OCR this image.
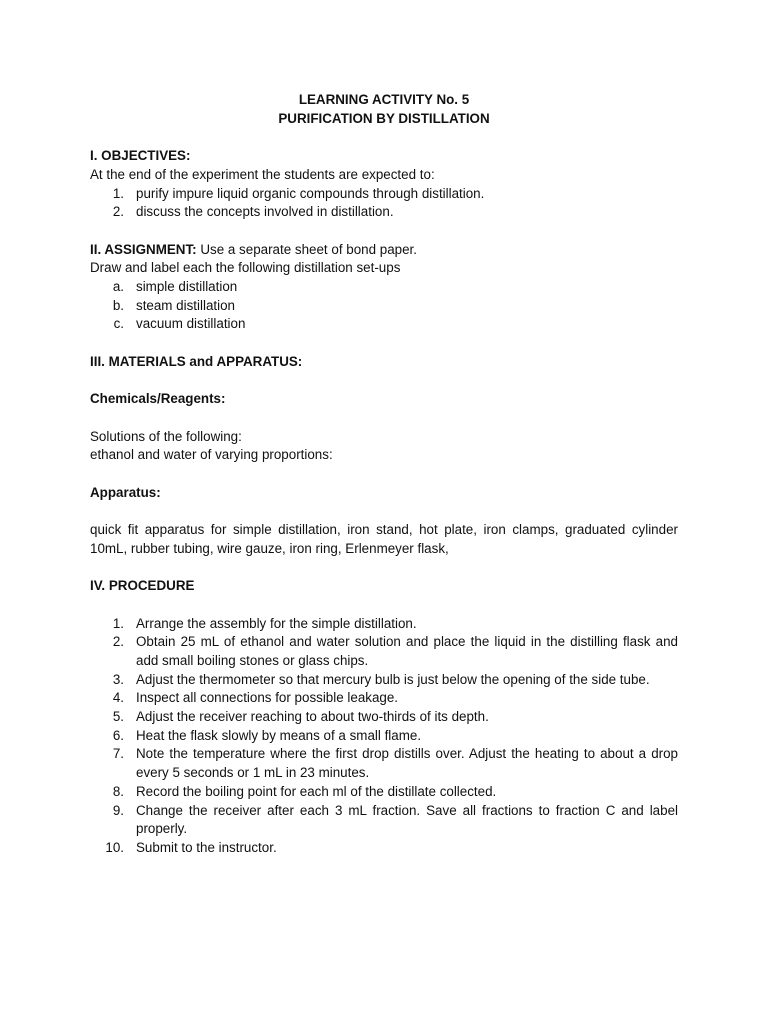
LEARNING ACTIVITY No. 5
PURIFICATION BY DISTILLATION
I. OBJECTIVES:
At the end of the experiment the students are expected to:
1. purify impure liquid organic compounds through distillation.
2. discuss the concepts involved in distillation.
II. ASSIGNMENT: Use a separate sheet of bond paper.
Draw and label each the following distillation set-ups
a. simple distillation
b. steam distillation
c. vacuum distillation
III. MATERIALS and APPARATUS:
Chemicals/Reagents:
Solutions of the following:
ethanol and water of varying proportions:
Apparatus:
quick fit apparatus for simple distillation, iron stand, hot plate, iron clamps, graduated cylinder 10mL, rubber tubing, wire gauze, iron ring, Erlenmeyer flask,
IV. PROCEDURE
1. Arrange the assembly for the simple distillation.
2. Obtain 25 mL of ethanol and water solution and place the liquid in the distilling flask and add small boiling stones or glass chips.
3. Adjust the thermometer so that mercury bulb is just below the opening of the side tube.
4. Inspect all connections for possible leakage.
5. Adjust the receiver reaching to about two-thirds of its depth.
6. Heat the flask slowly by means of a small flame.
7. Note the temperature where the first drop distills over. Adjust the heating to about a drop every 5 seconds or 1 mL in 23 minutes.
8. Record the boiling point for each ml of the distillate collected.
9. Change the receiver after each 3 mL fraction. Save all fractions to fraction C and label properly.
10. Submit to the instructor.
